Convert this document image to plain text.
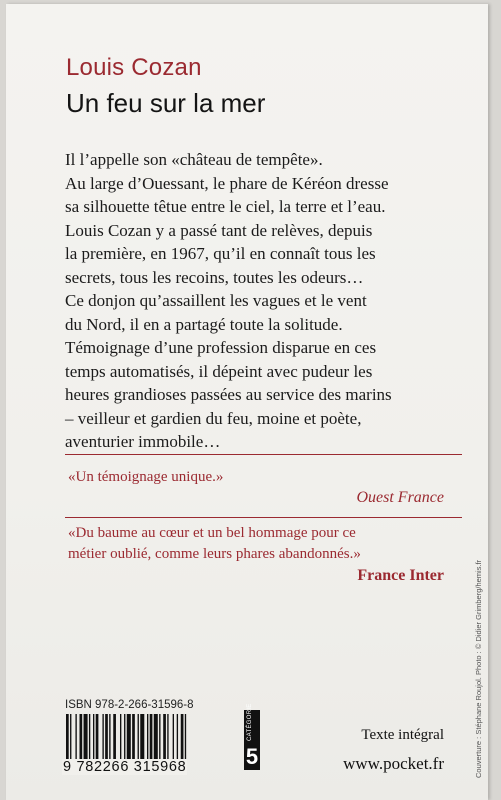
Louis Cozan
Un feu sur la mer

Il l’appelle son «château de tempête».
Au large d’Ouessant, le phare de Kéréon dresse
sa silhouette têtue entre le ciel, la terre et l’eau.
Louis Cozan y a passé tant de relèves, depuis
la première, en 1967, qu’il en connaît tous les
secrets, tous les recoins, toutes les odeurs…
Ce donjon qu’assaillent les vagues et le vent
du Nord, il en a partagé toute la solitude.
Témoignage d’une profession disparue en ces
temps automatisés, il dépeint avec pudeur les
heures grandioses passées au service des marins
– veilleur et gardien du feu, moine et poète,
aventurier immobile…

«Un témoignage unique.»
Ouest France
«Du baume au cœur et un bel hommage pour ce
métier oublié, comme leurs phares abandonnés.»
France Inter	Couverture : Stéphane Roujol. Photo : © Didier Grimberg/hemis.fr
ISBN 978-2-266-31596-8
9 782266 315968
CATÉGORIE
5
Texte intégral
www.pocket.fr
